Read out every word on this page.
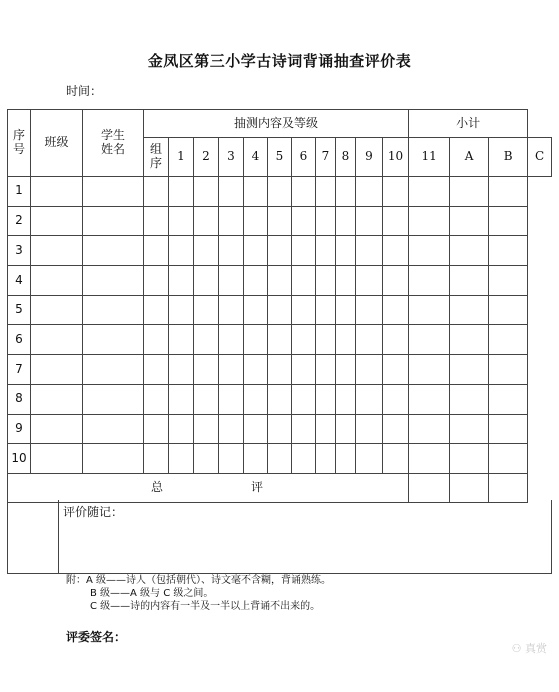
金凤区第三小学古诗词背诵抽查评价表
时间：
序号	班级	学生姓名	抽测内容及等级											小计			
			组序	1	2	3	4	5	6	7	8	9	10	11	A	B	C
1																	
2																	
3																	
4																	
5																	
6																	
7																	
8																	
9																	
10																	
总 评																	
评价随记：
附：A 级——诗人（包括朝代）、诗文毫不含糊，背诵熟练。
B 级——A 级与 C 级之间。
C 级——诗的内容有一半及一半以上背诵不出来的。
评委签名：
⚇ 真赏
